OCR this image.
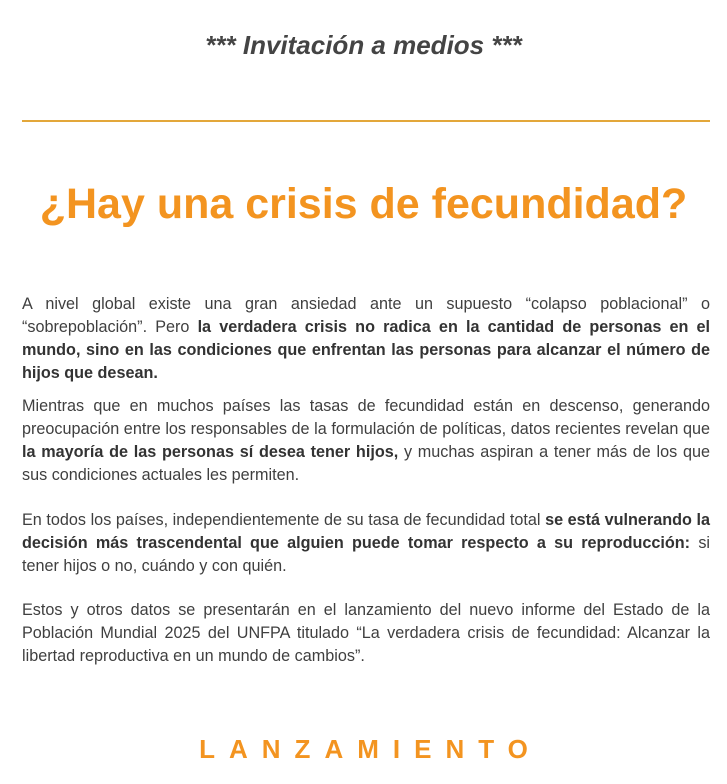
*** Invitación a medios ***
¿Hay una crisis de fecundidad?

A nivel global existe una gran ansiedad ante un supuesto “colapso poblacional” o “sobrepoblación”. Pero la verdadera crisis no radica en la cantidad de personas en el mundo, sino en las condiciones que enfrentan las personas para alcanzar el número de hijos que desean.

Mientras que en muchos países las tasas de fecundidad están en descenso, generando preocupación entre los responsables de la formulación de políticas, datos recientes revelan que la mayoría de las personas sí desea tener hijos, y muchas aspiran a tener más de los que sus condiciones actuales les permiten.

En todos los países, independientemente de su tasa de fecundidad total se está vulnerando la decisión más trascendental que alguien puede tomar respecto a su reproducción: si tener hijos o no, cuándo y con quién.

Estos y otros datos se presentarán en el lanzamiento del nuevo informe del Estado de la Población Mundial 2025 del UNFPA titulado “La verdadera crisis de fecundidad: Alcanzar la libertad reproductiva en un mundo de cambios”.

LANZAMIENTO
